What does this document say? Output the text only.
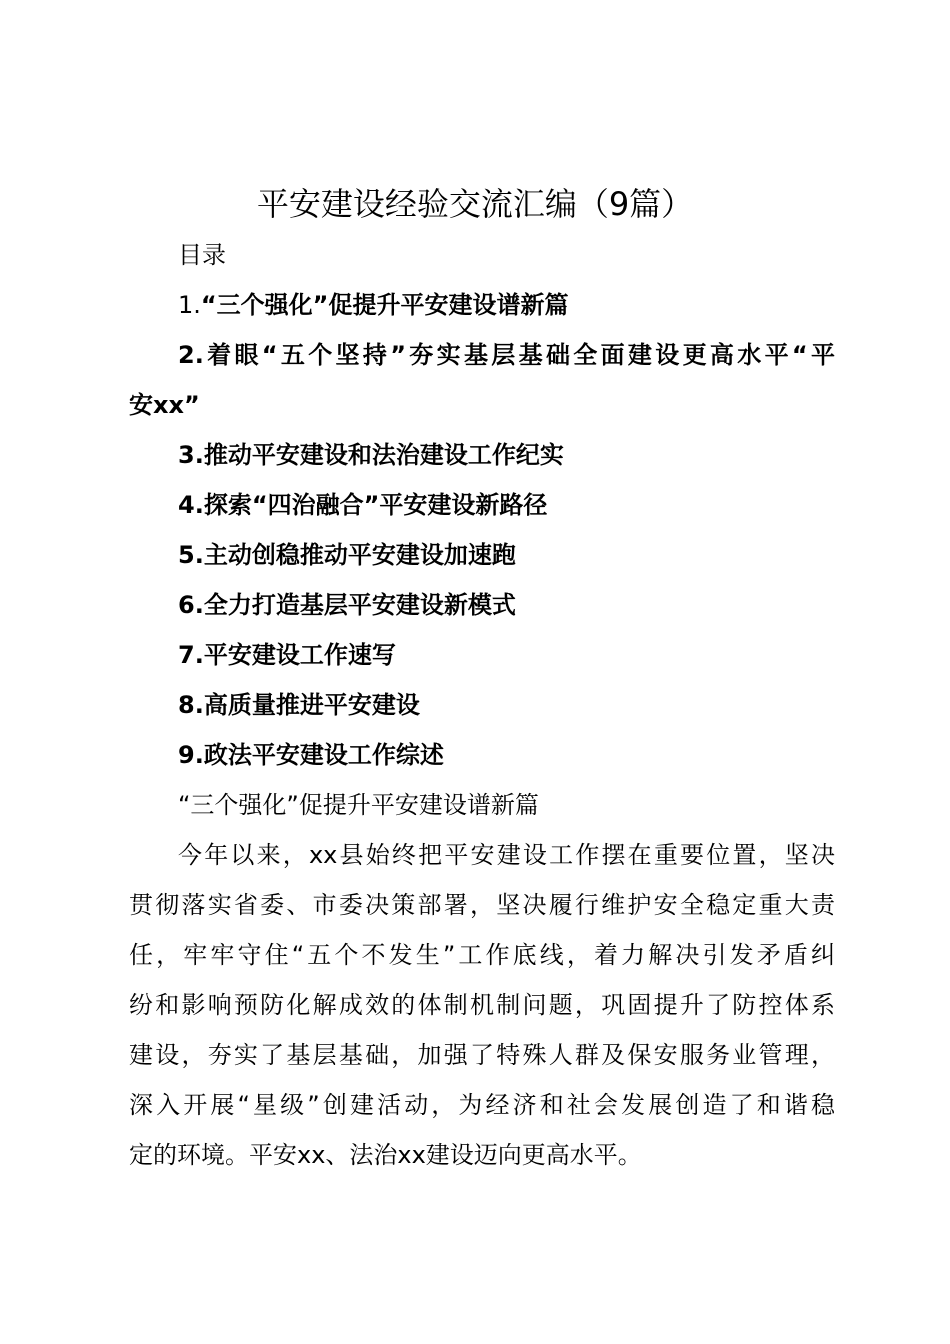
平安建设经验交流汇编（9篇）
目录
1.“三个强化”促提升平安建设谱新篇
2.着眼“五个坚持”夯实基层基础全面建设更高水平“平
安xx”
3.推动平安建设和法治建设工作纪实
4.探索“四治融合”平安建设新路径
5.主动创稳推动平安建设加速跑
6.全力打造基层平安建设新模式
7.平安建设工作速写
8.高质量推进平安建设
9.政法平安建设工作综述
“三个强化”促提升平安建设谱新篇
今年以来，xx县始终把平安建设工作摆在重要位置，坚决
贯彻落实省委、市委决策部署，坚决履行维护安全稳定重大责
任，牢牢守住“五个不发生”工作底线，着力解决引发矛盾纠
纷和影响预防化解成效的体制机制问题，巩固提升了防控体系
建设，夯实了基层基础，加强了特殊人群及保安服务业管理，
深入开展“星级”创建活动，为经济和社会发展创造了和谐稳
定的环境。平安xx、法治xx建设迈向更高水平。
